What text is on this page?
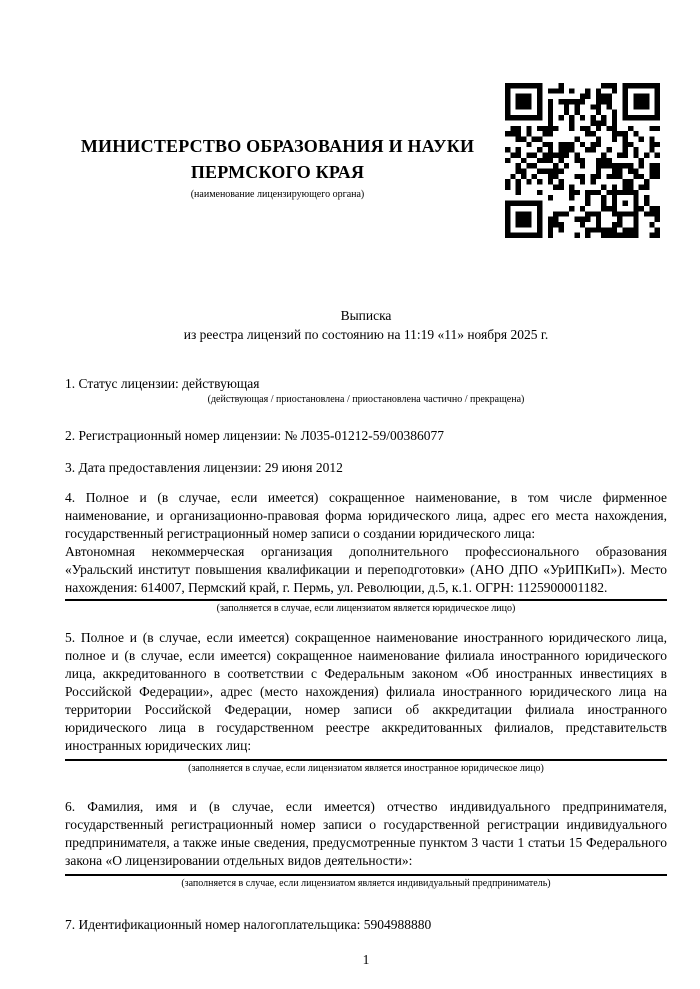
МИНИСТЕРСТВО ОБРАЗОВАНИЯ И НАУКИ
ПЕРМСКОГО КРАЯ
(наименование лицензирующего органа)
Выписка
из реестра лицензий по состоянию на 11:19 «11» ноября 2025 г.

1. Статус лицензии: действующая

(действующая / приостановлена / приостановлена частично / прекращена)

2. Регистрационный номер лицензии: № Л035-01212-59/00386077

3. Дата предоставления лицензии: 29 июня 2012

4. Полное и (в случае, если имеется) сокращенное наименование, в том числе фирменное наименование, и организационно-правовая форма юридического лица, адрес его места нахождения, государственный регистрационный номер записи о создании юридического лица:

Автономная некоммерческая организация дополнительного профессионального образования «Уральский институт повышения квалификации и переподготовки» (АНО ДПО «УрИПКиП»). Место нахождения: 614007, Пермский край, г. Пермь, ул. Революции, д.5, к.1. ОГРН: 1125900001182.
(заполняется в случае, если лицензиатом является юридическое лицо)

5. Полное и (в случае, если имеется) сокращенное наименование иностранного юридического лица, полное и (в случае, если имеется) сокращенное наименование филиала иностранного юридического лица, аккредитованного в соответствии с Федеральным законом «Об иностранных инвестициях в Российской Федерации», адрес (место нахождения) филиала иностранного юридического лица на территории Российской Федерации, номер записи об аккредитации филиала иностранного юридического лица в государственном реестре аккредитованных филиалов, представительств иностранных юридических лиц:

(заполняется в случае, если лицензиатом является иностранное юридическое лицо)

6. Фамилия, имя и (в случае, если имеется) отчество индивидуального предпринимателя, государственный регистрационный номер записи о государственной регистрации индивидуального предпринимателя, а также иные сведения, предусмотренные пунктом 3 части 1 статьи 15 Федерального закона «О лицензировании отдельных видов деятельности»:

(заполняется в случае, если лицензиатом является индивидуальный предприниматель)

7. Идентификационный номер налогоплательщика: 5904988880

1
